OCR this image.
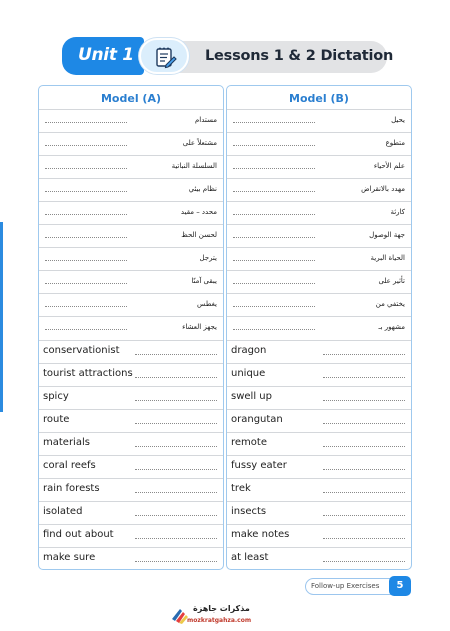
Lessons 1 & 2 Dictation
Unit 1
Model (A)
مستدام
مشتعلاً على
السلسلة النباتية
نظام بيئي
محدد – مقيد
لحسن الحظ
يترجل
يبقى آمنًا
يغطس
يجهز العشاء
conservationist
tourist attractions
spicy
route
materials
coral reefs
rain forests
isolated
find out about
make sure
Model (B)
يحيل
متطوع
علم الأحياء
مهدد بالانقراض
كارثة
جهة الوصول
الحياة البرية
تأثير على
يختفي من
مشهور بـ
dragon
unique
swell up
orangutan
remote
fussy eater
trek
insects
make notes
at least
Follow-up Exercises	5
مذكرات جاهزة
mozkratgahza.com
